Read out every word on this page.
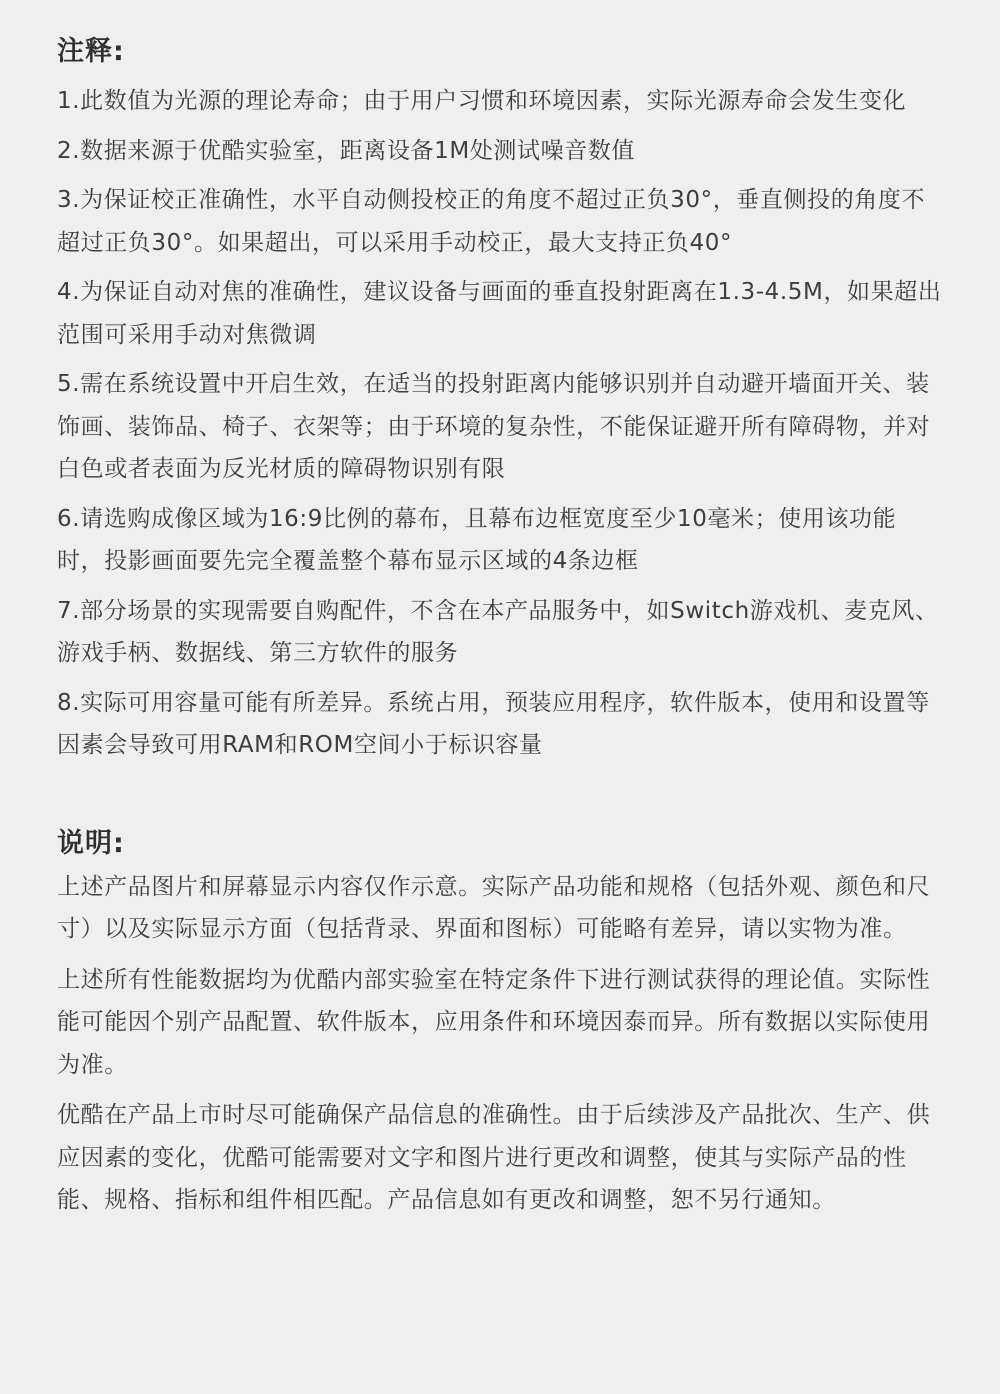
注释:
1.此数值为光源的理论寿命；由于用户习惯和环境因素，实际光源寿命会发生变化
2.数据来源于优酷实验室，距离设备1M处测试噪音数值
3.为保证校正准确性，水平自动侧投校正的角度不超过正负30°，垂直侧投的角度不超过正负30°。如果超出，可以采用手动校正，最大支持正负40°
4.为保证自动对焦的准确性，建议设备与画面的垂直投射距离在1.3-4.5M，如果超出范围可采用手动对焦微调
5.需在系统设置中开启生效，在适当的投射距离内能够识别并自动避开墙面开关、装饰画、装饰品、椅子、衣架等；由于环境的复杂性，不能保证避开所有障碍物，并对白色或者表面为反光材质的障碍物识别有限
6.请选购成像区域为16:9比例的幕布，且幕布边框宽度至少10毫米；使用该功能时，投影画面要先完全覆盖整个幕布显示区域的4条边框
7.部分场景的实现需要自购配件，不含在本产品服务中，如Switch游戏机、麦克风、游戏手柄、数据线、第三方软件的服务
8.实际可用容量可能有所差异。系统占用，预装应用程序，软件版本，使用和设置等因素会导致可用RAM和ROM空间小于标识容量
说明:
上述产品图片和屏幕显示内容仅作示意。实际产品功能和规格（包括外观、颜色和尺寸）以及实际显示方面（包括背录、界面和图标）可能略有差异，请以实物为准。
上述所有性能数据均为优酷内部实验室在特定条件下进行测试获得的理论值。实际性能可能因个别产品配置、软件版本，应用条件和环境因泰而异。所有数据以实际使用为准。
优酷在产品上市时尽可能确保产品信息的准确性。由于后续涉及产品批次、生产、供应因素的变化，优酷可能需要对文字和图片进行更改和调整，使其与实际产品的性能、规格、指标和组件相匹配。产品信息如有更改和调整，恕不另行通知。
